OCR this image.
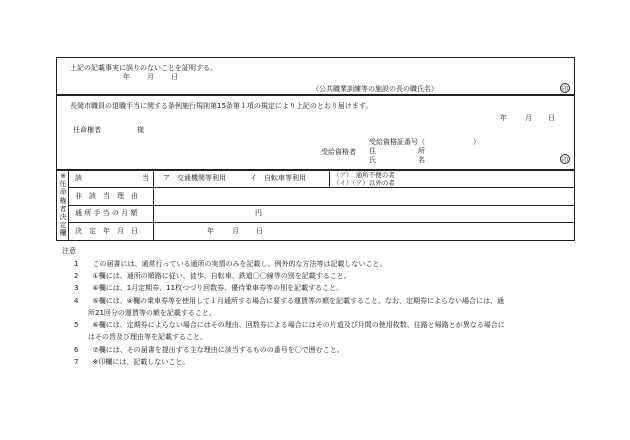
上記の記載事実に誤りのないことを証明する。
年 月 日
（公共職業訓練等の施設の長の職氏名）	印
長岡市職員の退職手当に関する条例施行規則第15条第１項の規定により上記のとおり届けます。
年	月 日
任命権者	様
受給資格者
受給資格証番号（	）
住	所
氏	名	印
※任命権者決定欄
該	当 ア　交通機関等利用	イ　自転車等利用	（ア）　通所不便の者
（イ）（ア）以外の者
非　該　当　理　由
通 所 手 当 の 月 額	円
決　定　年　月　日	年	月 日
注意
1　　この届書には、通常行っている通所の実情のみを記載し、例外的な方法等は記載しないこと。
2　　①欄には、通所の順路に従い、徒歩、自転車、鉄道〇〇線等の別を記載すること。
3　　④欄には、1月定期券、11枚つづり回数券、優待乗車券等の別を記載すること。
4　　⑤欄には、④欄の乗車券等を使用して１月通所する場合に要する運賃等の額を記載すること。なお、定期券によらない場合には、通
　　所21回分の運賃等の額を記載すること。
5　　⑥欄には、定期券によらない場合にはその理由、回数券による場合にはその片道及び月間の使用枚数、往路と帰路とが異なる場合に
　　はその旨及び理由等を記載すること。
6　　⑦欄には、その届書を提出する主な理由に該当するものの番号を〇で囲むこと。
7　　※印欄には、記載しないこと。
